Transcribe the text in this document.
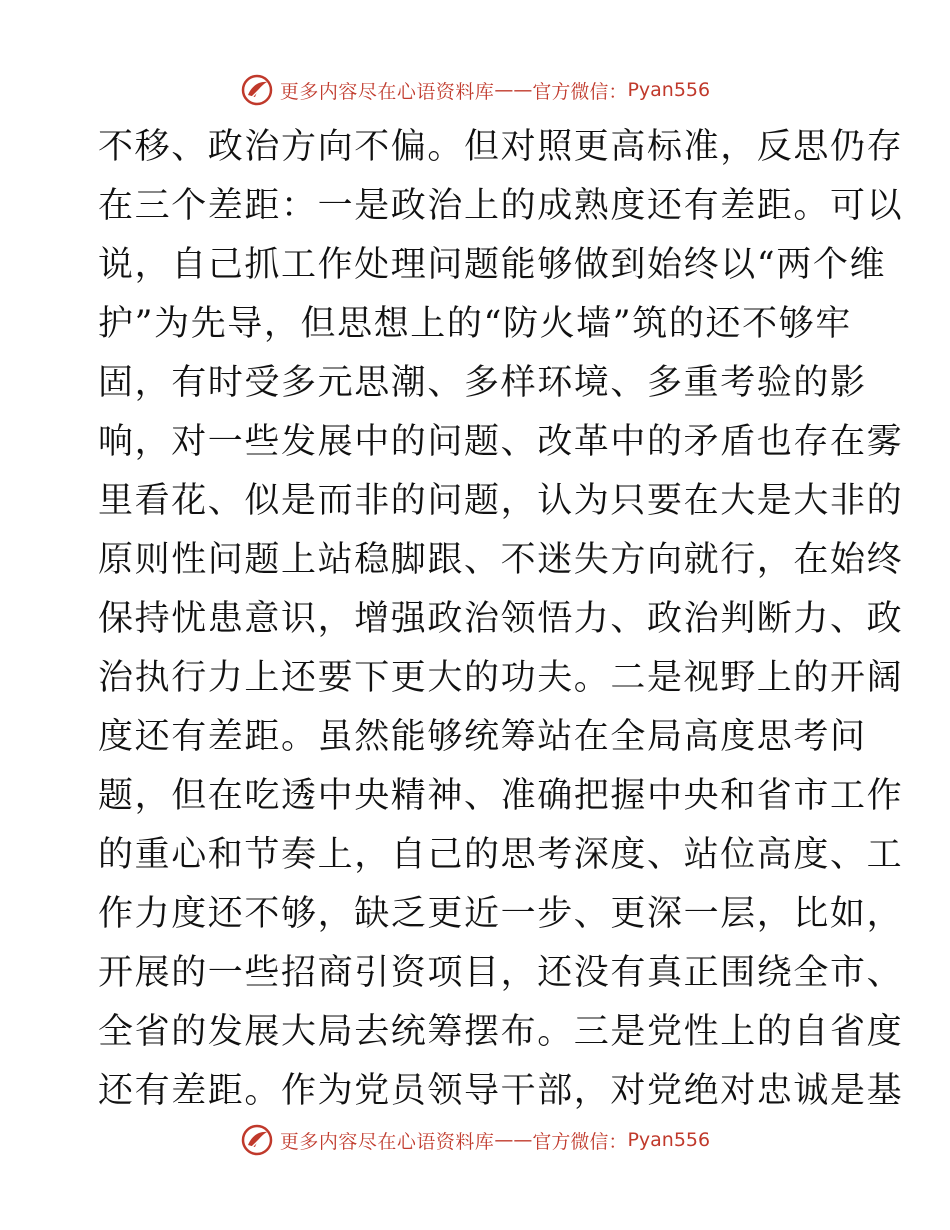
更多内容尽在心语资料库 —— 官方微信： Pyan556
不移、政治方向不偏。但对照更高标准，反思仍存
在三个差距：一是政治上的成熟度还有差距。可以
说，自己抓工作处理问题能够做到始终以“两个维
护”为先导，但思想上的“防火墙”筑的还不够牢
固，有时受多元思潮、多样环境、多重考验的影
响，对一些发展中的问题、改革中的矛盾也存在雾
里看花、似是而非的问题，认为只要在大是大非的
原则性问题上站稳脚跟、不迷失方向就行，在始终
保持忧患意识，增强政治领悟力、政治判断力、政
治执行力上还要下更大的功夫。二是视野上的开阔
度还有差距。虽然能够统筹站在全局高度思考问
题，但在吃透中央精神、准确把握中央和省市工作
的重心和节奏上，自己的思考深度、站位高度、工
作力度还不够，缺乏更近一步、更深一层，比如，
开展的一些招商引资项目，还没有真正围绕全市、
全省的发展大局去统筹摆布。三是党性上的自省度
还有差距。作为党员领导干部，对党绝对忠诚是基
更多内容尽在心语资料库 —— 官方微信： Pyan556
